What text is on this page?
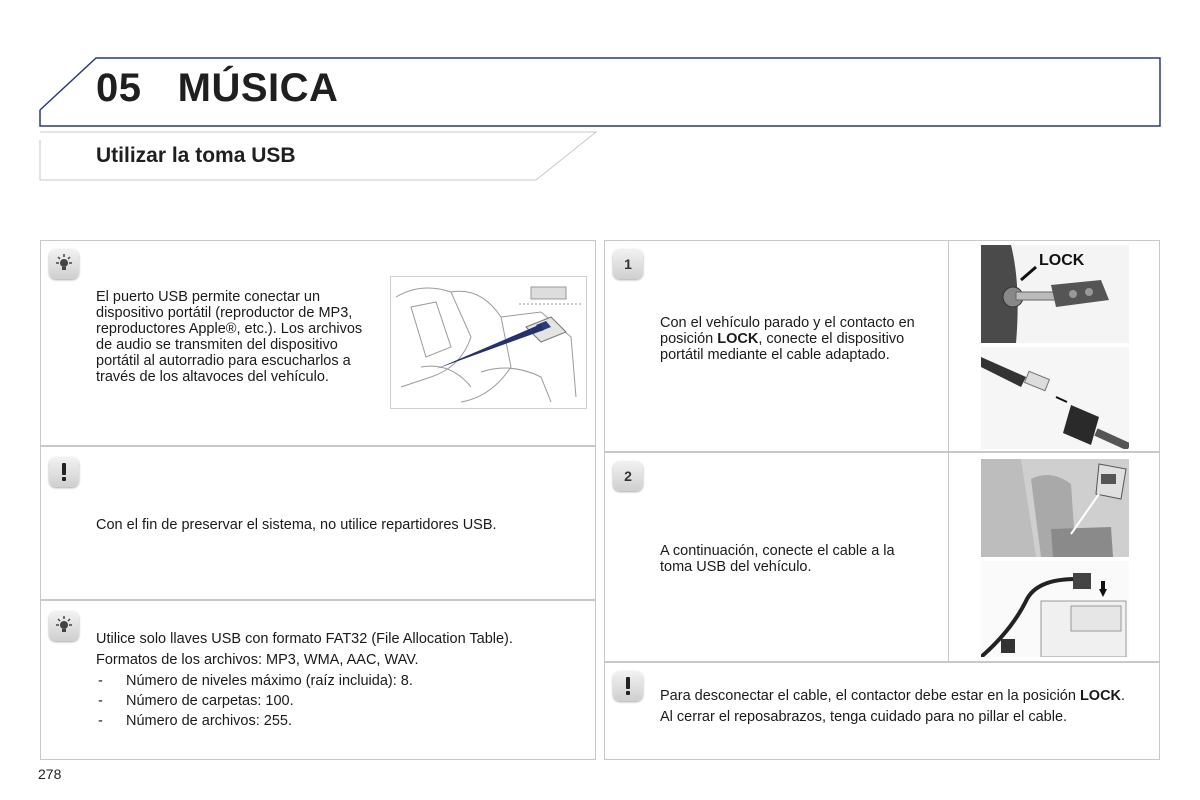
05 MÚSICA
Utilizar la toma USB
El puerto USB permite conectar un dispositivo portátil (reproductor de MP3, reproductores Apple®, etc.). Los archivos de audio se transmiten del dispositivo portátil al autorradio para escucharlos a través de los altavoces del vehículo.
Con el fin de preservar el sistema, no utilice repartidores USB.

Utilice solo llaves USB con formato FAT32 (File Allocation Table).

Formatos de los archivos: MP3, WMA, AAC, WAV.

- Número de niveles máximo (raíz incluida): 8.
- Número de carpetas: 100.
- Número de archivos: 255.
1
Con el vehículo parado y el contacto en posición LOCK, conecte el dispositivo portátil mediante el cable adaptado.
LOCK
2
A continuación, conecte el cable a la toma USB del vehículo.

Para desconectar el cable, el contactor debe estar en la posición LOCK.

Al cerrar el reposabrazos, tenga cuidado para no pillar el cable.

278
